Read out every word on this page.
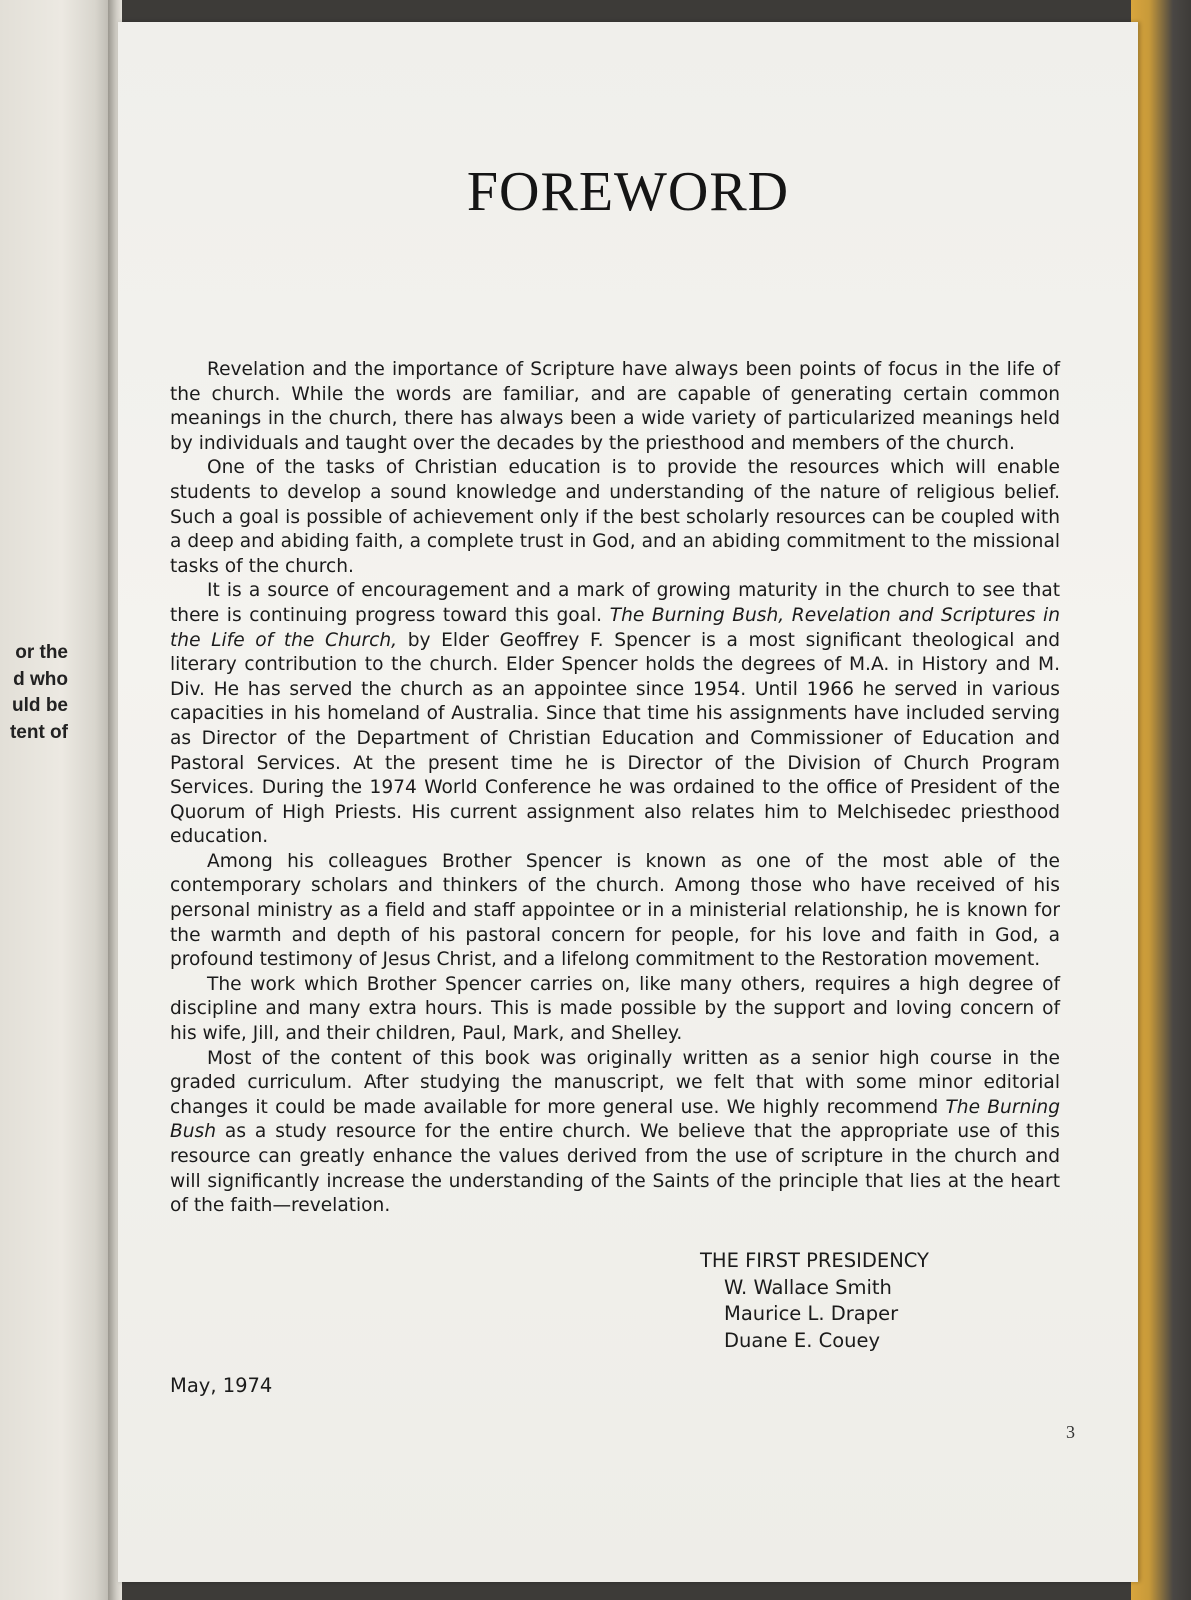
or the
d who
uld be
tent of
FOREWORD

Revelation and the importance of Scripture have always been points of focus in the life of the church. While the words are familiar, and are capable of generating certain common meanings in the church, there has always been a wide variety of particularized meanings held by individuals and taught over the decades by the priesthood and members of the church.

One of the tasks of Christian education is to provide the resources which will enable students to develop a sound knowledge and understanding of the nature of religious belief. Such a goal is possible of achievement only if the best scholarly resources can be coupled with a deep and abiding faith, a complete trust in God, and an abiding commitment to the missional tasks of the church.

It is a source of encouragement and a mark of growing maturity in the church to see that there is continuing progress toward this goal. The Burning Bush, Revelation and Scriptures in the Life of the Church, by Elder Geoffrey F. Spencer is a most significant theological and literary contribution to the church. Elder Spencer holds the degrees of M.A. in History and M. Div. He has served the church as an appointee since 1954. Until 1966 he served in various capacities in his homeland of Australia. Since that time his assignments have included serving as Director of the Department of Christian Education and Commissioner of Education and Pastoral Services. At the present time he is Director of the Division of Church Program Services. During the 1974 World Conference he was ordained to the office of President of the Quorum of High Priests. His current assignment also relates him to Melchisedec priesthood education.

Among his colleagues Brother Spencer is known as one of the most able of the contemporary scholars and thinkers of the church. Among those who have received of his personal ministry as a field and staff appointee or in a ministerial relationship, he is known for the warmth and depth of his pastoral concern for people, for his love and faith in God, a profound testimony of Jesus Christ, and a lifelong commitment to the Restoration movement.

The work which Brother Spencer carries on, like many others, requires a high degree of discipline and many extra hours. This is made possible by the support and loving concern of his wife, Jill, and their children, Paul, Mark, and Shelley.

Most of the content of this book was originally written as a senior high course in the graded curriculum. After studying the manuscript, we felt that with some minor editorial changes it could be made available for more general use. We highly recommend The Burning Bush as a study resource for the entire church. We believe that the appropriate use of this resource can greatly enhance the values derived from the use of scripture in the church and will significantly increase the understanding of the Saints of the principle that lies at the heart of the faith—revelation.

THE FIRST PRESIDENCY
W. Wallace Smith
Maurice L. Draper
Duane E. Couey
May, 1974
3
